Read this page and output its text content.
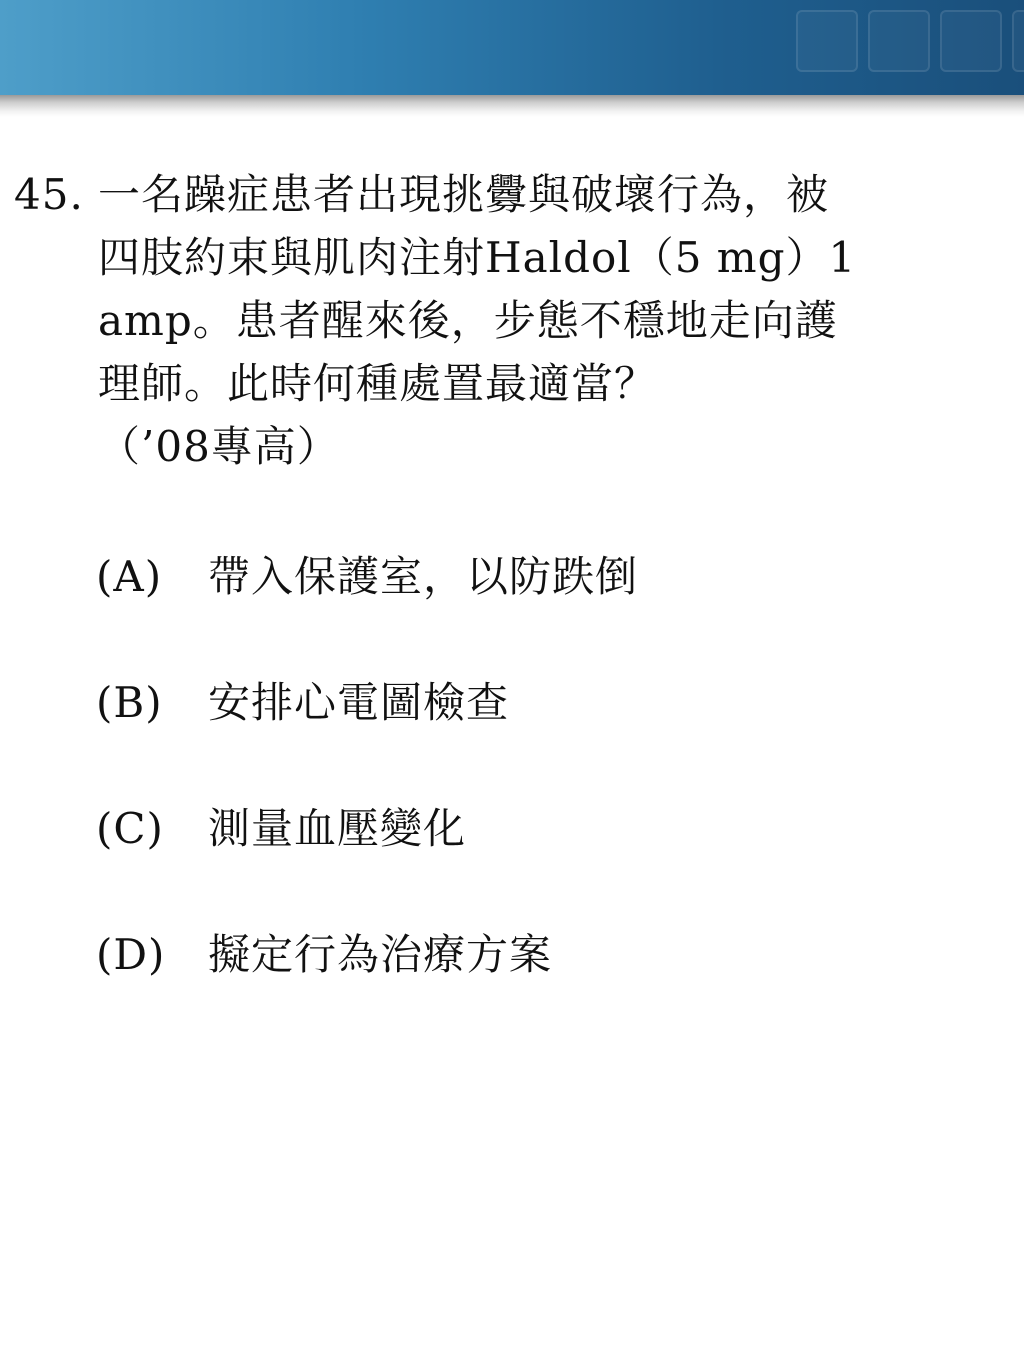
45. 一名躁症患者出現挑釁與破壞行為，被
四肢約束與肌肉注射Haldol（5 mg）1
amp。患者醒來後，步態不穩地走向護
理師。此時何種處置最適當？
（’08專高）
(A) 帶入保護室，以防跌倒
(B) 安排心電圖檢查
(C) 測量血壓變化
(D) 擬定行為治療方案
